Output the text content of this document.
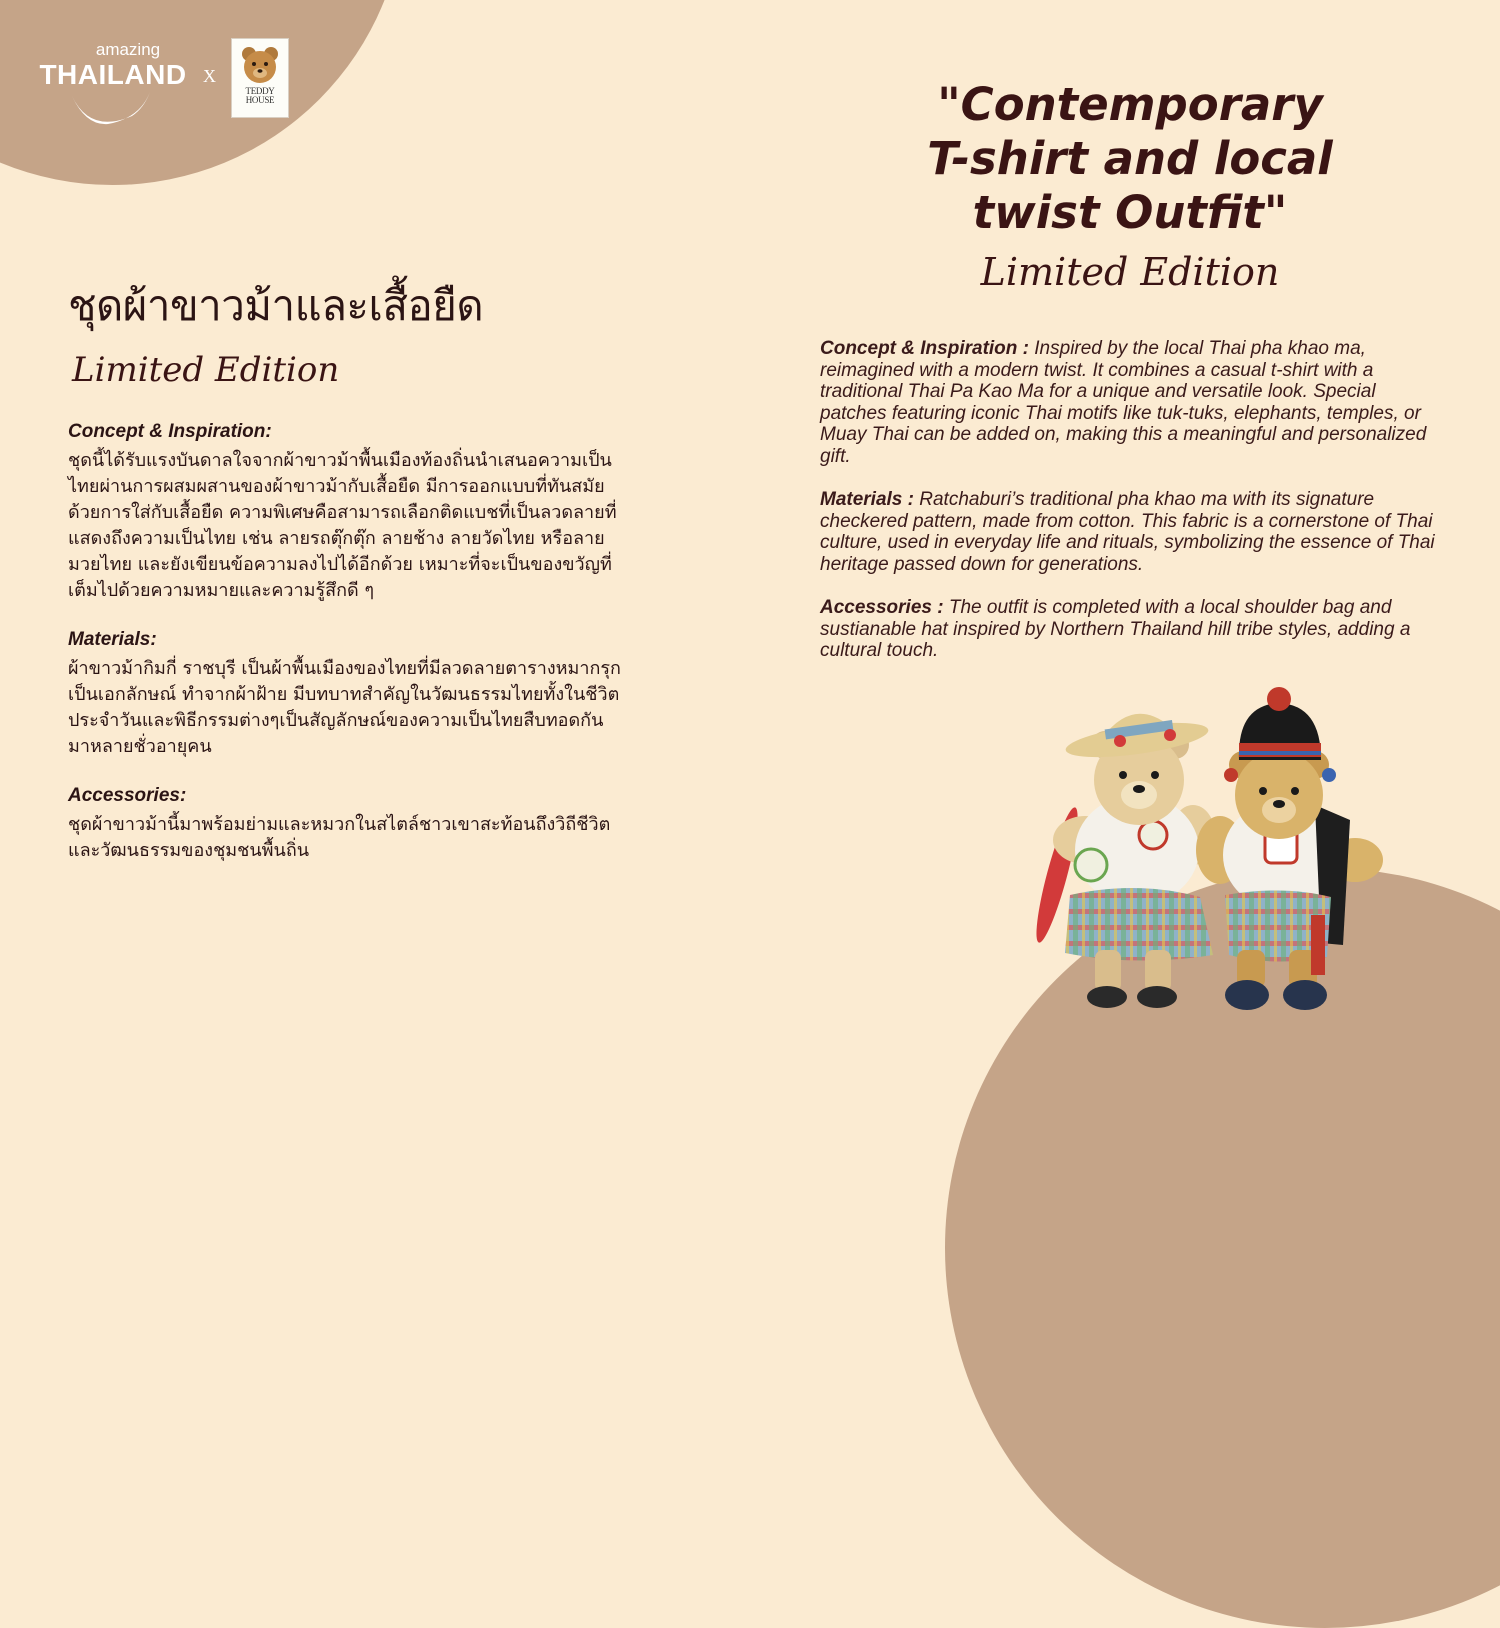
amazing
THAILAND X
TEDDY
HOUSE
ชุดผ้าขาวม้าและเสื้อยืด
Limited Edition
Concept & Inspiration:
ชุดนี้ได้รับแรงบันดาลใจจากผ้าขาวม้าพื้นเมืองท้องถิ่นนำเสนอความเป็น
ไทยผ่านการผสมผสานของผ้าขาวม้ากับเสื้อยืด มีการออกแบบที่ทันสมัย
ด้วยการใส่กับเสื้อยืด ความพิเศษคือสามารถเลือกติดแบชที่เป็นลวดลายที่
แสดงถึงความเป็นไทย เช่น ลายรถตุ๊กตุ๊ก ลายช้าง ลายวัดไทย หรือลาย
มวยไทย และยังเขียนข้อความลงไปได้อีกด้วย เหมาะที่จะเป็นของขวัญที่
เต็มไปด้วยความหมายและความรู้สึกดี ๆ
Materials:
ผ้าขาวม้ากิมกี่ ราชบุรี เป็นผ้าพื้นเมืองของไทยที่มีลวดลายตารางหมากรุก
เป็นเอกลักษณ์ ทำจากผ้าฝ้าย มีบทบาทสำคัญในวัฒนธรรมไทยทั้งในชีวิต
ประจำวันและพิธีกรรมต่างๆเป็นสัญลักษณ์ของความเป็นไทยสืบทอดกัน
มาหลายชั่วอายุคน
Accessories:
ชุดผ้าขาวม้านี้มาพร้อมย่ามและหมวกในสไตล์ชาวเขาสะท้อนถึงวิถีชีวิต
และวัฒนธรรมของชุมชนพื้นถิ่น
"Contemporary
T-shirt and local
twist Outfit"
Limited Edition

Concept & Inspiration : Inspired by the local Thai pha khao ma, reimagined with a modern twist. It combines a casual t-shirt with a traditional Thai Pa Kao Ma for a unique and versatile look. Special patches featuring iconic Thai motifs like tuk-tuks, elephants, temples, or Muay Thai can be added on, making this a meaningful and personalized gift.

Materials : Ratchaburi’s traditional pha khao ma with its signature checkered pattern, made from cotton. This fabric is a cornerstone of Thai culture, used in everyday life and rituals, symbolizing the essence of Thai heritage passed down for generations.

Accessories : The outfit is completed with a local shoulder bag and sustianable hat inspired by Northern Thailand hill tribe styles, adding a cultural touch.
